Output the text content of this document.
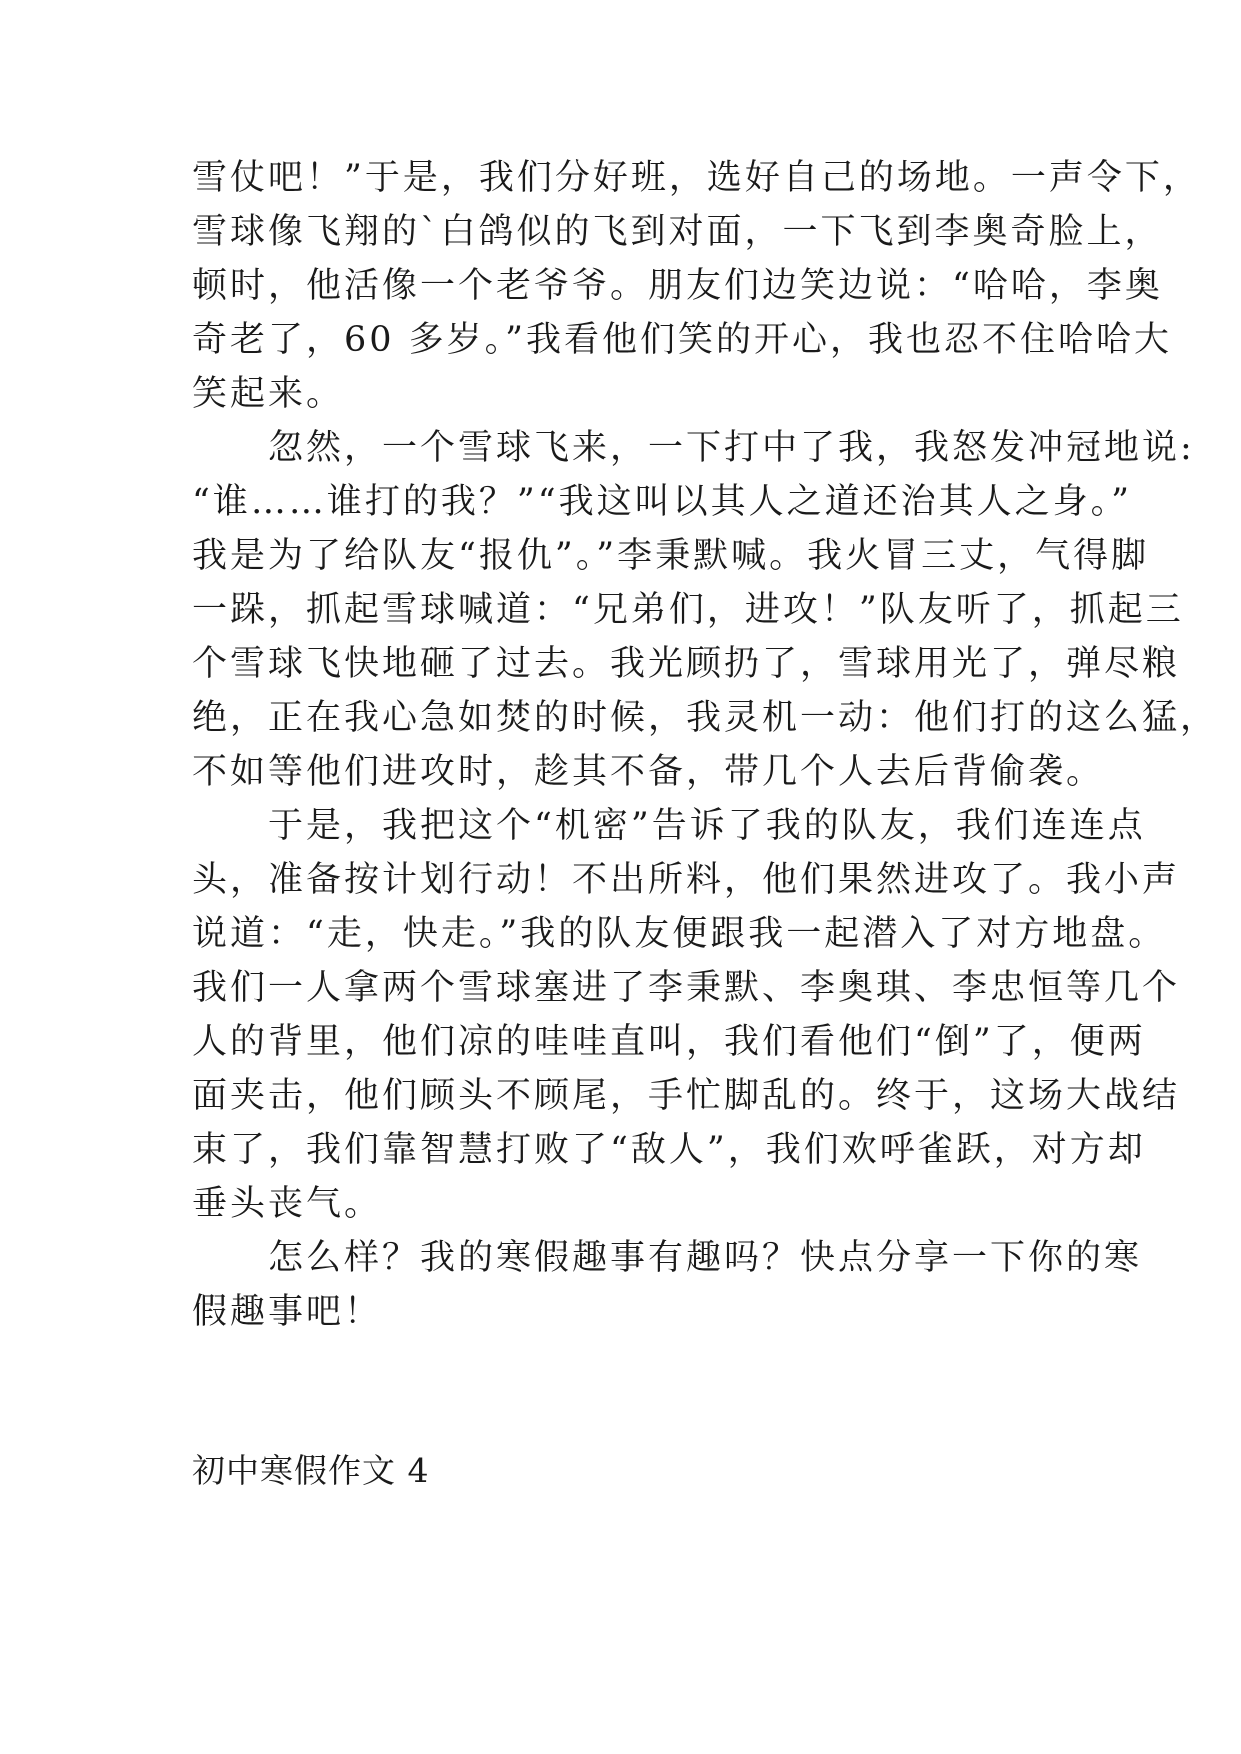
雪仗吧！”于是，我们分好班，选好自己的场地。一声令下，
雪球像飞翔的`白鸽似的飞到对面，一下飞到李奥奇脸上，
顿时，他活像一个老爷爷。朋友们边笑边说：“哈哈，李奥
奇老了，60 多岁。”我看他们笑的开心，我也忍不住哈哈大
笑起来。
　　忽然，一个雪球飞来，一下打中了我，我怒发冲冠地说:
“谁……谁打的我？”“我这叫以其人之道还治其人之身。”
我是为了给队友“报仇”。”李秉默喊。我火冒三丈，气得脚
一跺，抓起雪球喊道：“兄弟们，进攻！”队友听了，抓起三
个雪球飞快地砸了过去。我光顾扔了，雪球用光了，弹尽粮
绝，正在我心急如焚的时候，我灵机一动：他们打的这么猛，
不如等他们进攻时，趁其不备，带几个人去后背偷袭。
　　于是，我把这个“机密”告诉了我的队友，我们连连点
头，准备按计划行动！不出所料，他们果然进攻了。我小声
说道：“走，快走。”我的队友便跟我一起潜入了对方地盘。
我们一人拿两个雪球塞进了李秉默、李奥琪、李忠恒等几个
人的背里，他们凉的哇哇直叫，我们看他们“倒”了，便两
面夹击，他们顾头不顾尾，手忙脚乱的。终于，这场大战结
束了，我们靠智慧打败了“敌人”，我们欢呼雀跃，对方却
垂头丧气。
　　怎么样？我的寒假趣事有趣吗？快点分享一下你的寒
假趣事吧！
初中寒假作文 4
